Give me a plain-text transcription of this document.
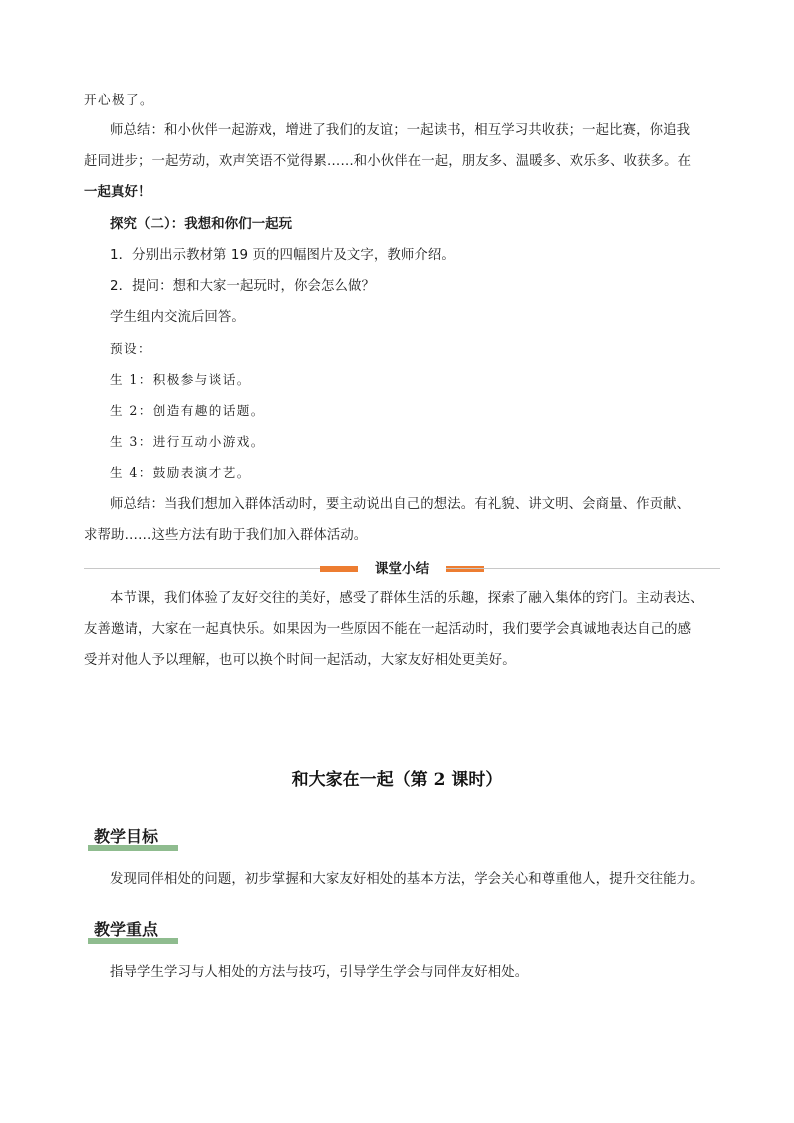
开心极了。

师总结：和小伙伴一起游戏，增进了我们的友谊；一起读书，相互学习共收获；一起比赛，你追我

赶同进步；一起劳动，欢声笑语不觉得累……和小伙伴在一起，朋友多、温暖多、欢乐多、收获多。在

一起真好！

探究（二）：我想和你们一起玩

1．分别出示教材第 19 页的四幅图片及文字，教师介绍。

2．提问：想和大家一起玩时，你会怎么做？

学生组内交流后回答。

预设：

生 1：积极参与谈话。

生 2：创造有趣的话题。

生 3：进行互动小游戏。

生 4：鼓励表演才艺。

师总结：当我们想加入群体活动时，要主动说出自己的想法。有礼貌、讲文明、会商量、作贡献、

求帮助……这些方法有助于我们加入群体活动。

课堂小结

本节课，我们体验了友好交往的美好，感受了群体生活的乐趣，探索了融入集体的窍门。主动表达、

友善邀请，大家在一起真快乐。如果因为一些原因不能在一起活动时，我们要学会真诚地表达自己的感

受并对他人予以理解，也可以换个时间一起活动，大家友好相处更美好。

和大家在一起（第 2 课时）
教学目标

发现同伴相处的问题，初步掌握和大家友好相处的基本方法，学会关心和尊重他人，提升交往能力。

教学重点

指导学生学习与人相处的方法与技巧，引导学生学会与同伴友好相处。
